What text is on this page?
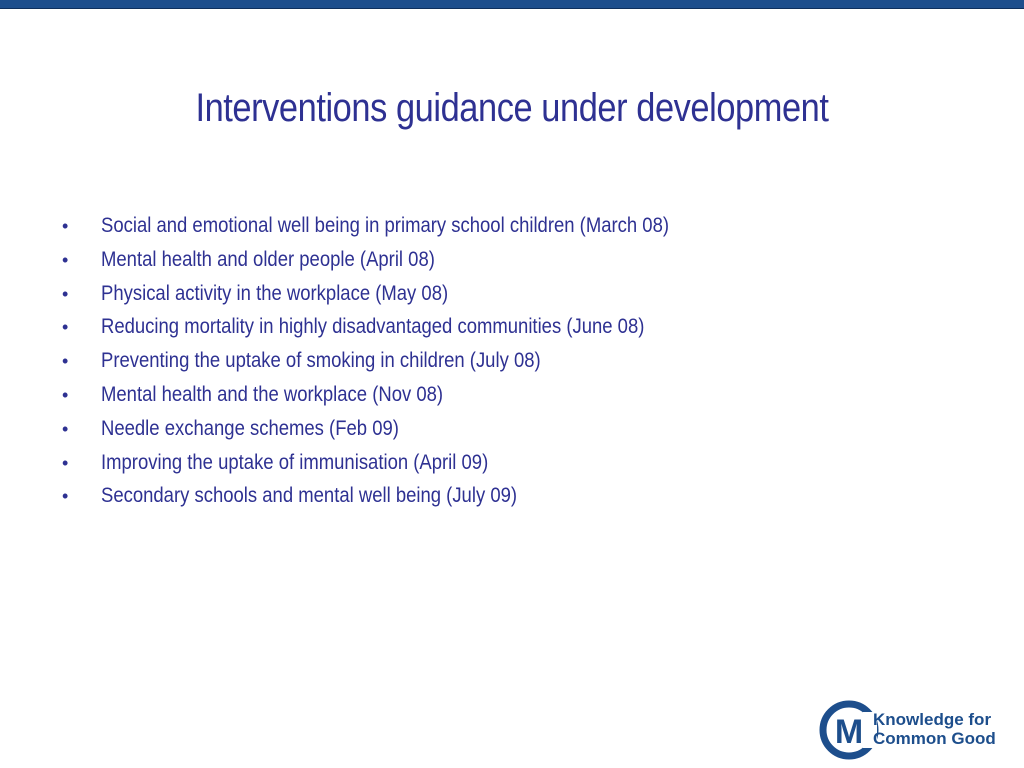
Interventions guidance under development
• Social and emotional well being in primary school children (March 08)
• Mental health and older people (April 08)
• Physical activity in the workplace (May 08)
• Reducing mortality in highly disadvantaged communities (June 08)
• Preventing the uptake of smoking in children (July 08)
• Mental health and the workplace (Nov 08)
• Needle exchange schemes (Feb 09)
• Improving the uptake of immunisation (April 09)
• Secondary schools and mental well being (July 09)
M Knowledge for
Common Good
